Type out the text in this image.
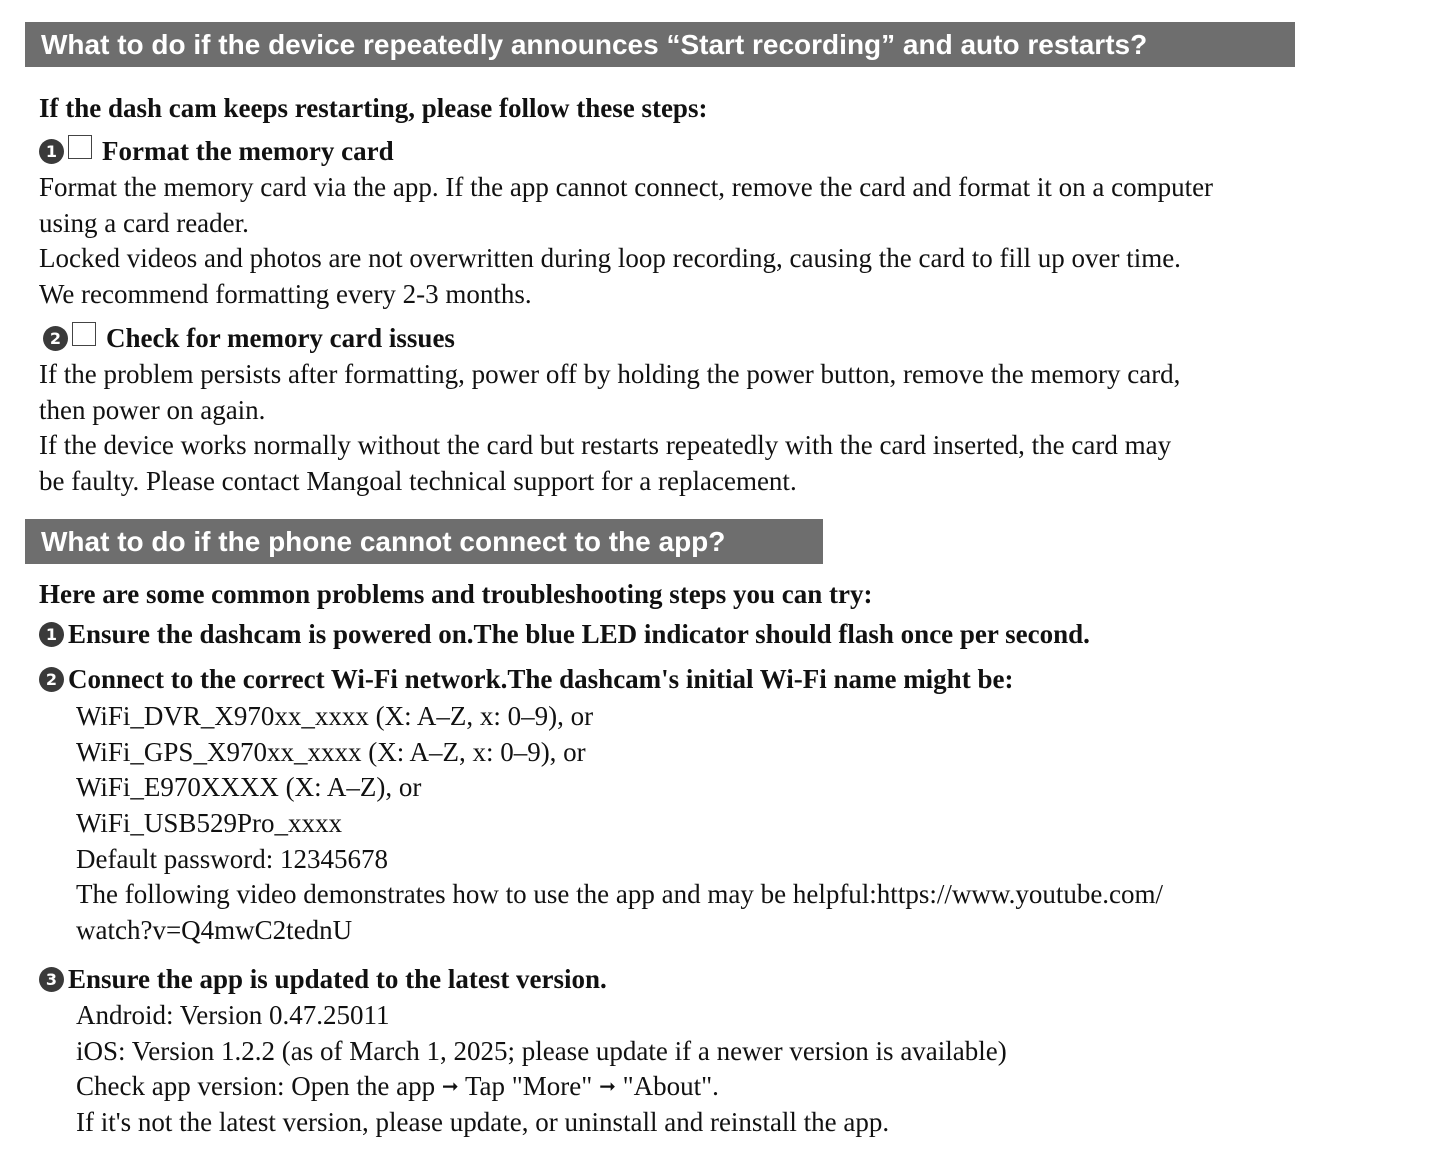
What to do if the device repeatedly announces “Start recording” and auto restarts?
If the dash cam keeps restarting, please follow these steps:
1 Format the memory card
Format the memory card via the app. If the app cannot connect, remove the card and format it on a computer
using a card reader.
Locked videos and photos are not overwritten during loop recording, causing the card to fill up over time.
We recommend formatting every 2-3 months.
2 Check for memory card issues
If the problem persists after formatting, power off by holding the power button, remove the memory card,
then power on again.
If the device works normally without the card but restarts repeatedly with the card inserted, the card may
be faulty. Please contact Mangoal technical support for a replacement.
What to do if the phone cannot connect to the app?
Here are some common problems and troubleshooting steps you can try:
1 Ensure the dashcam is powered on.The blue LED indicator should flash once per second.
2 Connect to the correct Wi-Fi network.The dashcam's initial Wi-Fi name might be:
WiFi_DVR_X970xx_xxxx (X: A–Z, x: 0–9), or
WiFi_GPS_X970xx_xxxx (X: A–Z, x: 0–9), or
WiFi_E970XXXX (X: A–Z), or
WiFi_USB529Pro_xxxx
Default password: 12345678
The following video demonstrates how to use the app and may be helpful:https://www.youtube.com/
watch?v=Q4mwC2tednU
3 Ensure the app is updated to the latest version.
Android: Version 0.47.25011
iOS: Version 1.2.2 (as of March 1, 2025; please update if a newer version is available)
Check app version: Open the app ➞ Tap "More" ➞ "About".
If it's not the latest version, please update, or uninstall and reinstall the app.
